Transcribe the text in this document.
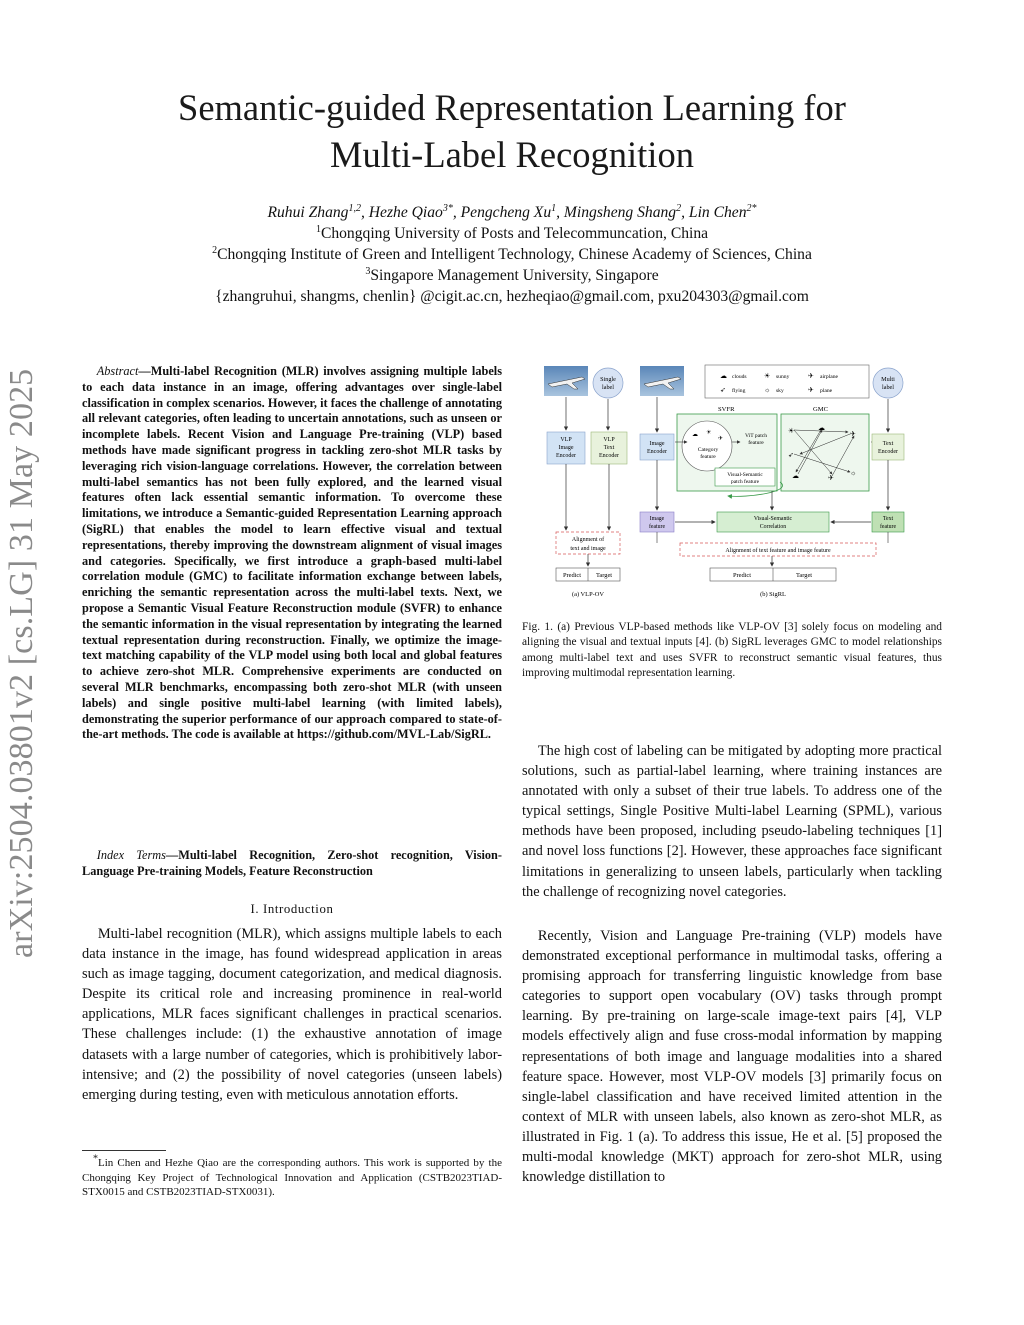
Semantic-guided Representation Learning for
Multi-Label Recognition
Ruhui Zhang$^{1,2}$, Hezhe Qiao$^{3*}$, Pengcheng Xu$^1$, Mingsheng Shang$^2$, Lin Chen$^{2*}$
$^1$Chongqing University of Posts and Telecommuncation, China
$^2$Chongqing Institute of Green and Intelligent Technology, Chinese Academy of Sciences, China
$^3$Singapore Management University, Singapore
{zhangruhui, shangms, chenlin} @cigit.ac.cn, hezheqiao@gmail.com, pxu204303@gmail.com
arXiv:2504.03801v2 [cs.LG] 31 May 2025	Abstract—Multi-label Recognition (MLR) involves assigning multiple labels to each data instance in an image, offering advantages over single-label classification in complex scenarios. However, it faces the challenge of annotating all relevant categories, often leading to uncertain annotations, such as unseen or incomplete labels. Recent Vision and Language Pre-training (VLP) based methods have made significant progress in tackling zero-shot MLR tasks by leveraging rich vision-language correlations. However, the correlation between multi-label semantics has not been fully explored, and the learned visual features often lack essential semantic information. To overcome these limitations, we introduce a Semantic-guided Representation Learning approach (SigRL) that enables the model to learn effective visual and textual representations, thereby improving the downstream alignment of visual images and categories. Specifically, we first introduce a graph-based multi-label correlation module (GMC) to facilitate information exchange between labels, enriching the semantic representation across the multi-label texts. Next, we propose a Semantic Visual Feature Reconstruction module (SVFR) to enhance the semantic information in the visual representation by integrating the learned textual representation during reconstruction. Finally, we optimize the image-text matching capability of the VLP model using both local and global features to achieve zero-shot MLR. Comprehensive experiments are conducted on several MLR benchmarks, encompassing both zero-shot MLR (with unseen labels) and single positive multi-label learning (with limited labels), demonstrating the superior performance of our approach compared to state-of-the-art methods. The code is available at https://github.com/MVL-Lab/SigRL.
Index Terms—Multi-label Recognition, Zero-shot recognition, Vision-Language Pre-training Models, Feature Reconstruction
I. Introduction
Multi-label recognition (MLR), which assigns multiple labels to each data instance in the image, has found widespread application in areas such as image tagging, document categorization, and medical diagnosis. Despite its critical role and increasing prominence in real-world applications, MLR faces significant challenges in practical scenarios. These challenges include: (1) the exhaustive annotation of image datasets with a large number of categories, which is prohibitively labor-intensive; and (2) the possibility of novel categories (unseen labels) emerging during testing, even with meticulous annotation efforts.
*Lin Chen and Hezhe Qiao are the corresponding authors. This work is supported by the Chongqing Key Project of Technological Innovation and Application (CSTB2023TIAD-STX0015 and CSTB2023TIAD-STX0031).
Single
label
VLP
Image
Encoder
VLP
Text
Encoder
Alignment of
text and image
Predict Target
(a) VLP-OV
☁ clouds ☀ sunny	✈ airplane
➶ flying	☼ sky	✈ plane
Multi
label
SVFR	GMC
☁ ☀
✈
Category
feature
ViT patch
feature
Visual-Semantic
patch feature
☀	☁
✈
➶
☼
✈
☁
Image
Encoder
Text
Encoder
Image
feature
Visual-Semantic
Correlation
Text
feature
Alignment of text feature and image feature
Predict	Target
(b) SigRL
Fig. 1. (a) Previous VLP-based methods like VLP-OV [3] solely focus on modeling and aligning the visual and textual inputs [4]. (b) SigRL leverages GMC to model relationships among multi-label text and uses SVFR to reconstruct semantic visual features, thus improving multimodal representation learning.
The high cost of labeling can be mitigated by adopting more practical solutions, such as partial-label learning, where training instances are annotated with only a subset of their true labels. To address one of the typical settings, Single Positive Multi-label Learning (SPML), various methods have been proposed, including pseudo-labeling techniques [1] and novel loss functions [2]. However, these approaches face significant limitations in generalizing to unseen labels, particularly when tackling the challenge of recognizing novel categories.
Recently, Vision and Language Pre-training (VLP) models have demonstrated exceptional performance in multimodal tasks, offering a promising approach for transferring linguistic knowledge from base categories to support open vocabulary (OV) tasks through prompt learning. By pre-training on large-scale image-text pairs [4], VLP models effectively align and fuse cross-modal information by mapping representations of both image and language modalities into a shared feature space. However, most VLP-OV models [3] primarily focus on single-label classification and have received limited attention in the context of MLR with unseen labels, also known as zero-shot MLR, as illustrated in Fig. 1 (a). To address this issue, He et al. [5] proposed the multi-modal knowledge (MKT) approach for zero-shot MLR, using knowledge distillation to
